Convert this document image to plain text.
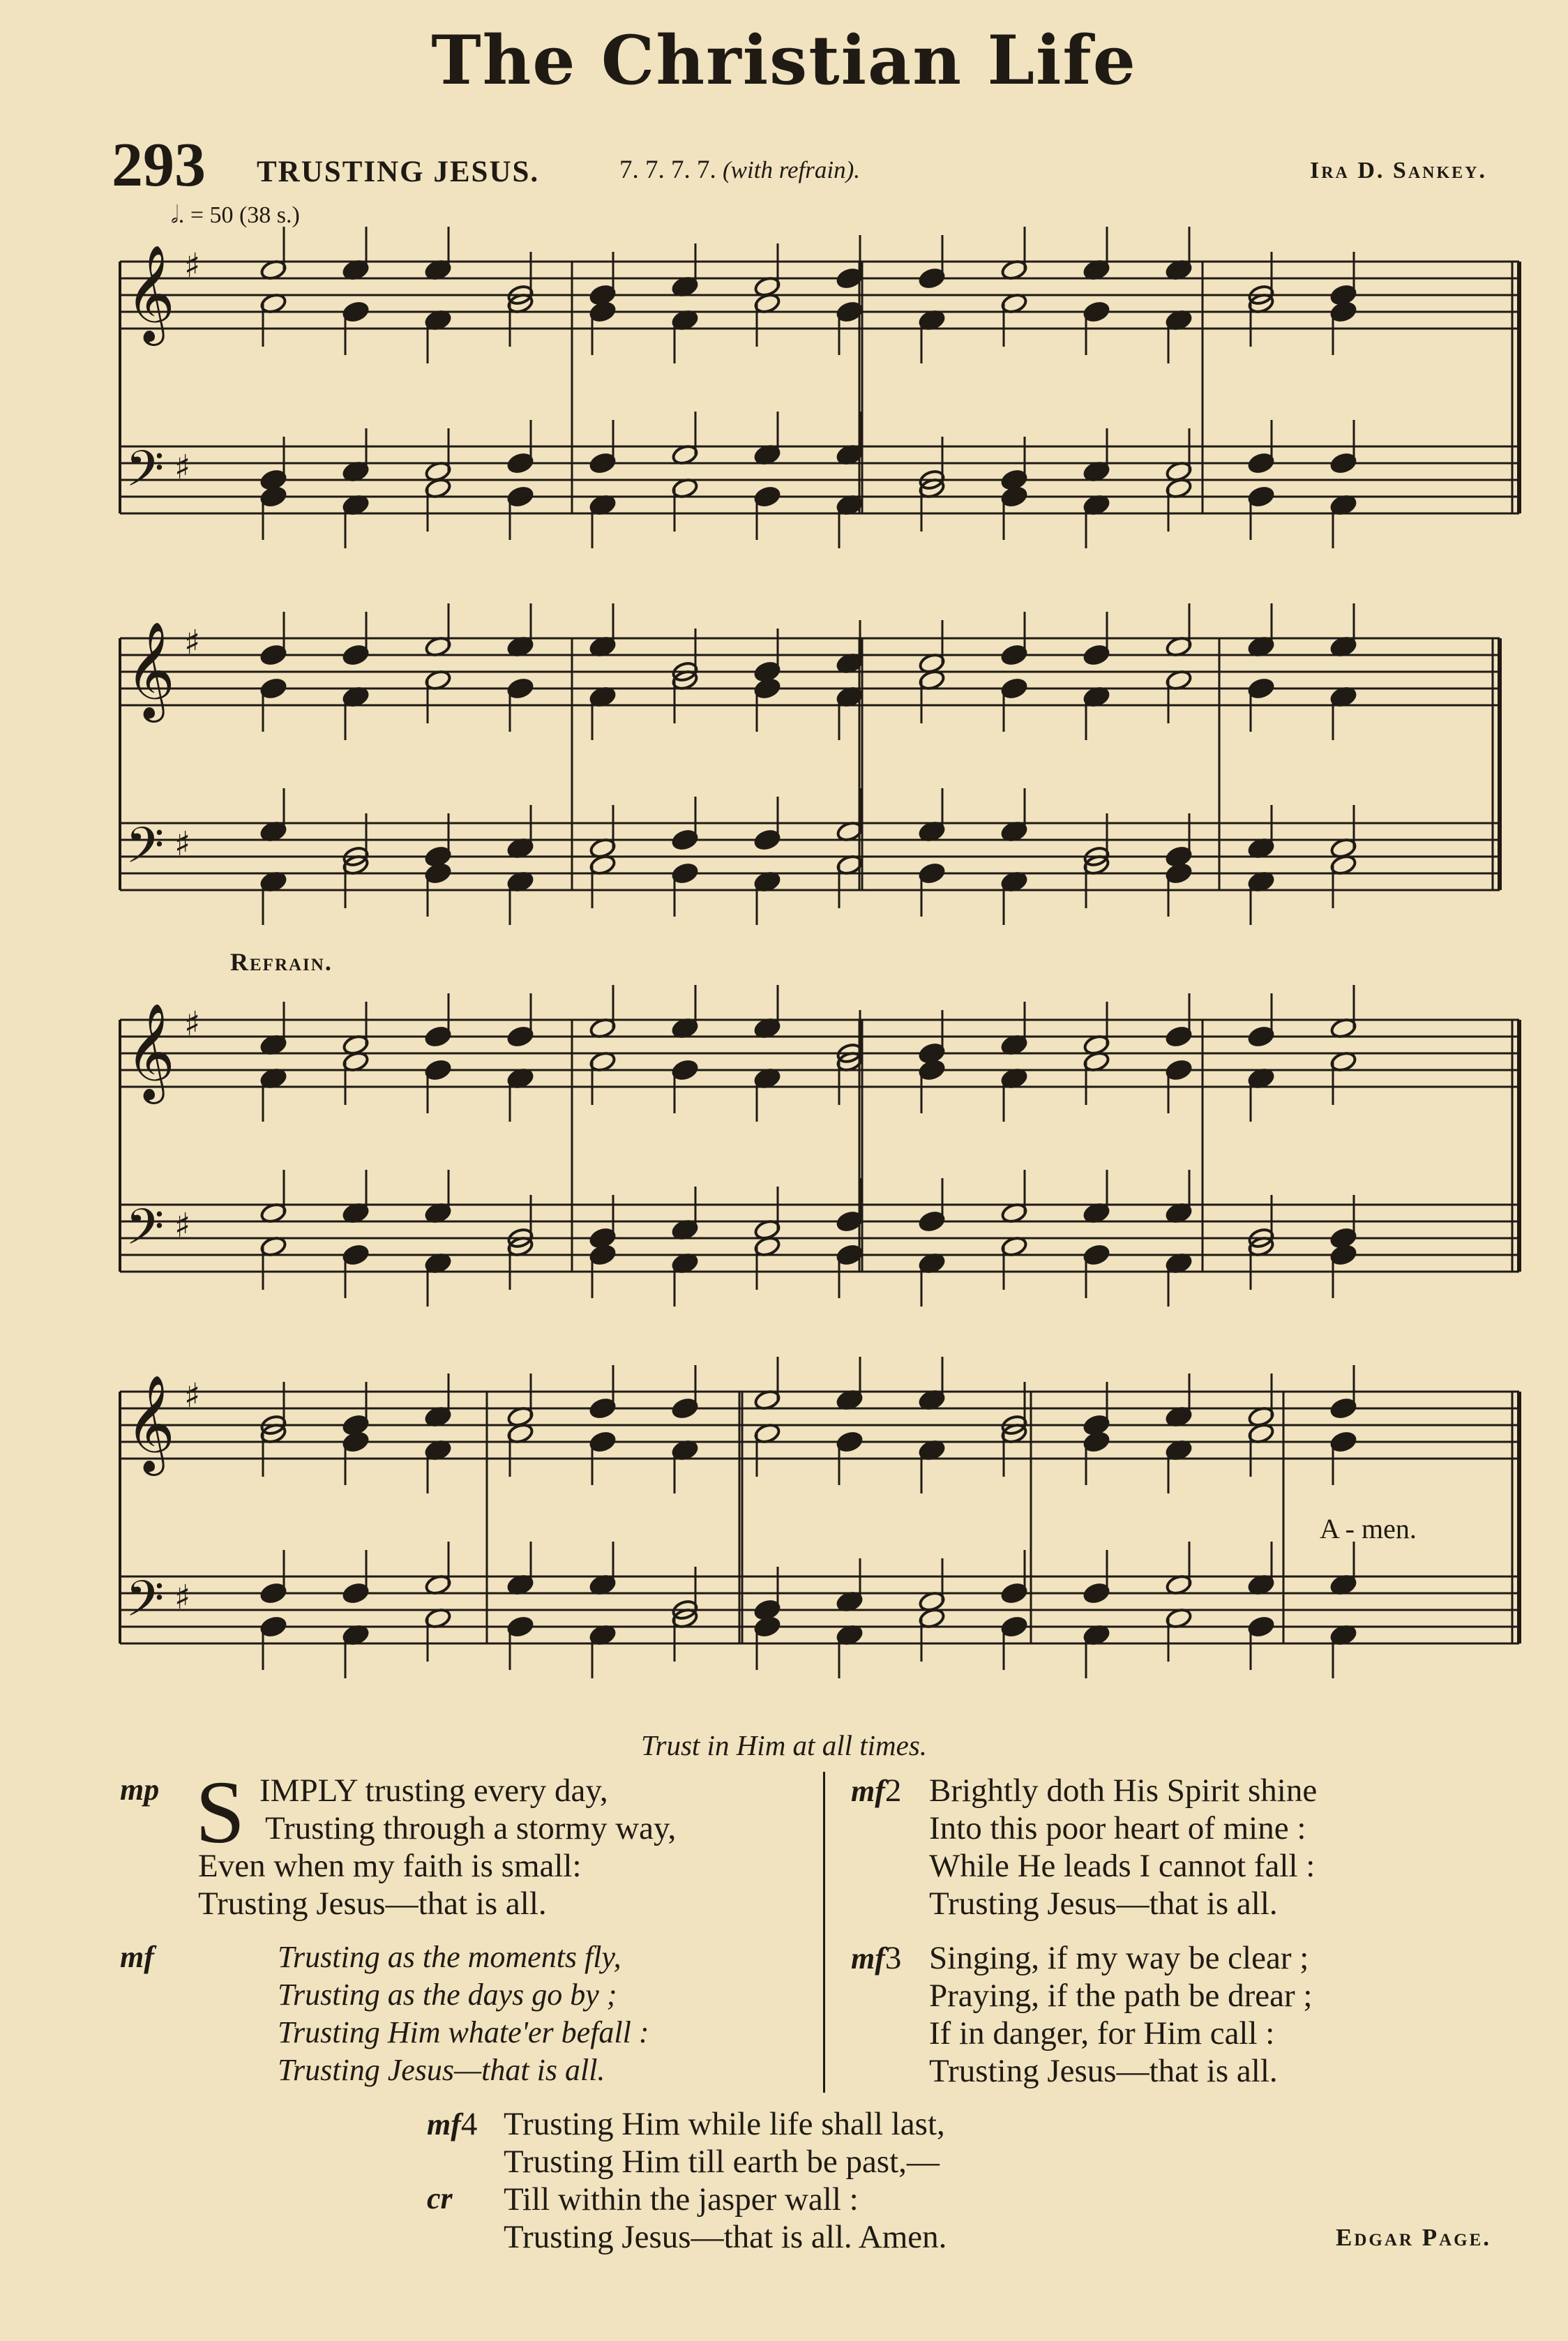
The Christian Life
293 TRUSTING JESUS.	7. 7. 7. 7. (with refrain).	Ira D. Sankey.
𝅗𝅥. = 50 (38 s.)
𝄞 ♯
𝄢 ♯
𝄞 ♯
𝄢 ♯
𝄞 ♯
𝄢 ♯
𝄞 ♯
𝄢 ♯
Refrain.
A - men.
Trust in Him at all times.
mp S IMPLY trusting every day,
Trusting through a stormy way,
Even when my faith is small:
Trusting Jesus—that is all.
mf	Trusting as the moments fly,
Trusting as the days go by ;
Trusting Him whate'er befall :
Trusting Jesus—that is all.
mf2 Brightly doth His Spirit shine
Into this poor heart of mine :
While He leads I cannot fall :
Trusting Jesus—that is all.
mf3 Singing, if my way be clear ;
Praying, if the path be drear ;
If in danger, for Him call :
Trusting Jesus—that is all.
mf4 Trusting Him while life shall last,
Trusting Him till earth be past,—
cr Till within the jasper wall :
Trusting Jesus—that is all. Amen.	Edgar Page.
